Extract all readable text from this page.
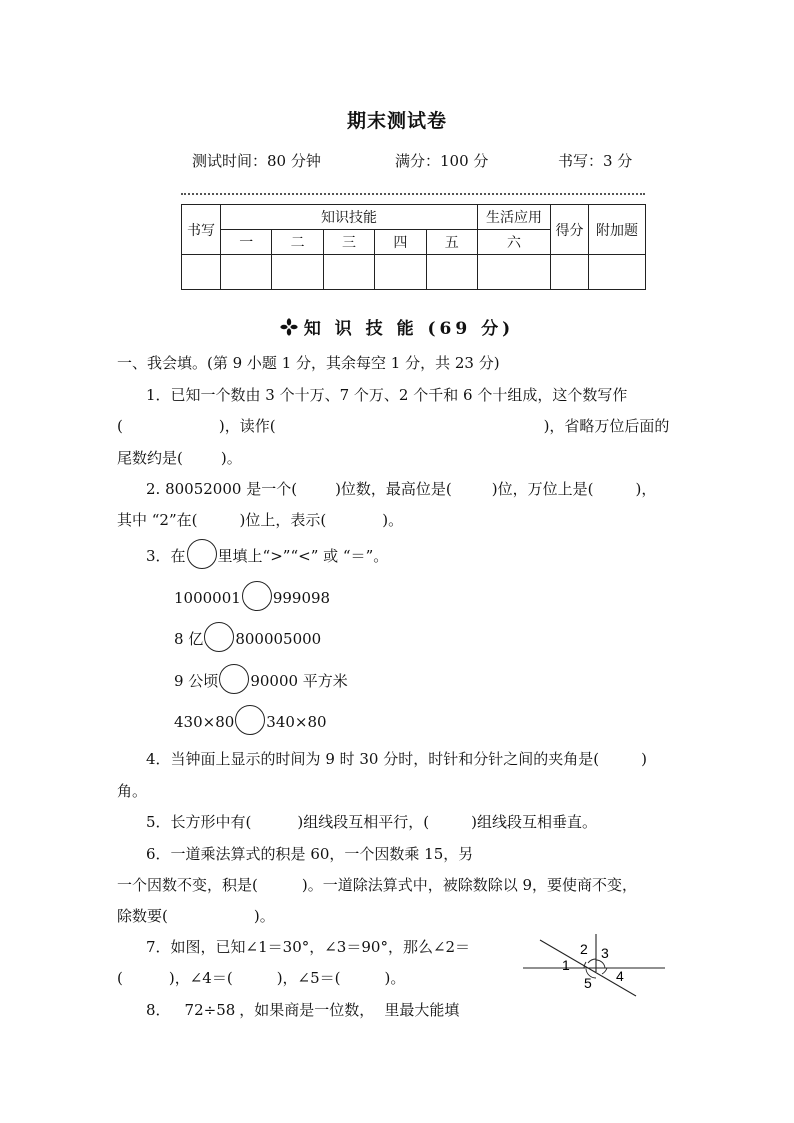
期末测试卷
测试时间：80 分钟	满分：100 分	书写：3 分
书写	知识技能					生活应用	得分	附加题
	一	二	三	四	五	六		

知 识 技 能 (69 分)
一、我会填。(第 9 小题 1 分，其余每空 1 分，共 23 分)
1．已知一个数由 3 个十万、7 个万、2 个千和 6 个十组成，这个数写作
(	)，读作(	)，省略万位后面的
尾数约是(	)。
2. 80052000 是一个(	)位数，最高位是(	)位，万位上是(	)，
其中 “2”在(	)位上，表示(	)。
3．在 里填上“>”“<” 或 “＝”。
1000001 999098
8 亿 800005000
9 公顷 90000 平方米
430×80 340×80
4．当钟面上显示的时间为 9 时 30 分时，时针和分针之间的夹角是(	)
角。
5．长方形中有(	)组线段互相平行，(	)组线段互相垂直。
6．一道乘法算式的积是 60，一个因数乘 15，另
一个因数不变，积是(	)。一道除法算式中，被除数除以 9，要使商不变，
除数要(	)。
7．如图，已知∠1＝30°，∠3＝90°，那么∠2＝
(	)，∠4＝(	)，∠5＝(	)。
1
2 3
4
5
8． 72÷58 ，如果商是一位数， 里最大能填
